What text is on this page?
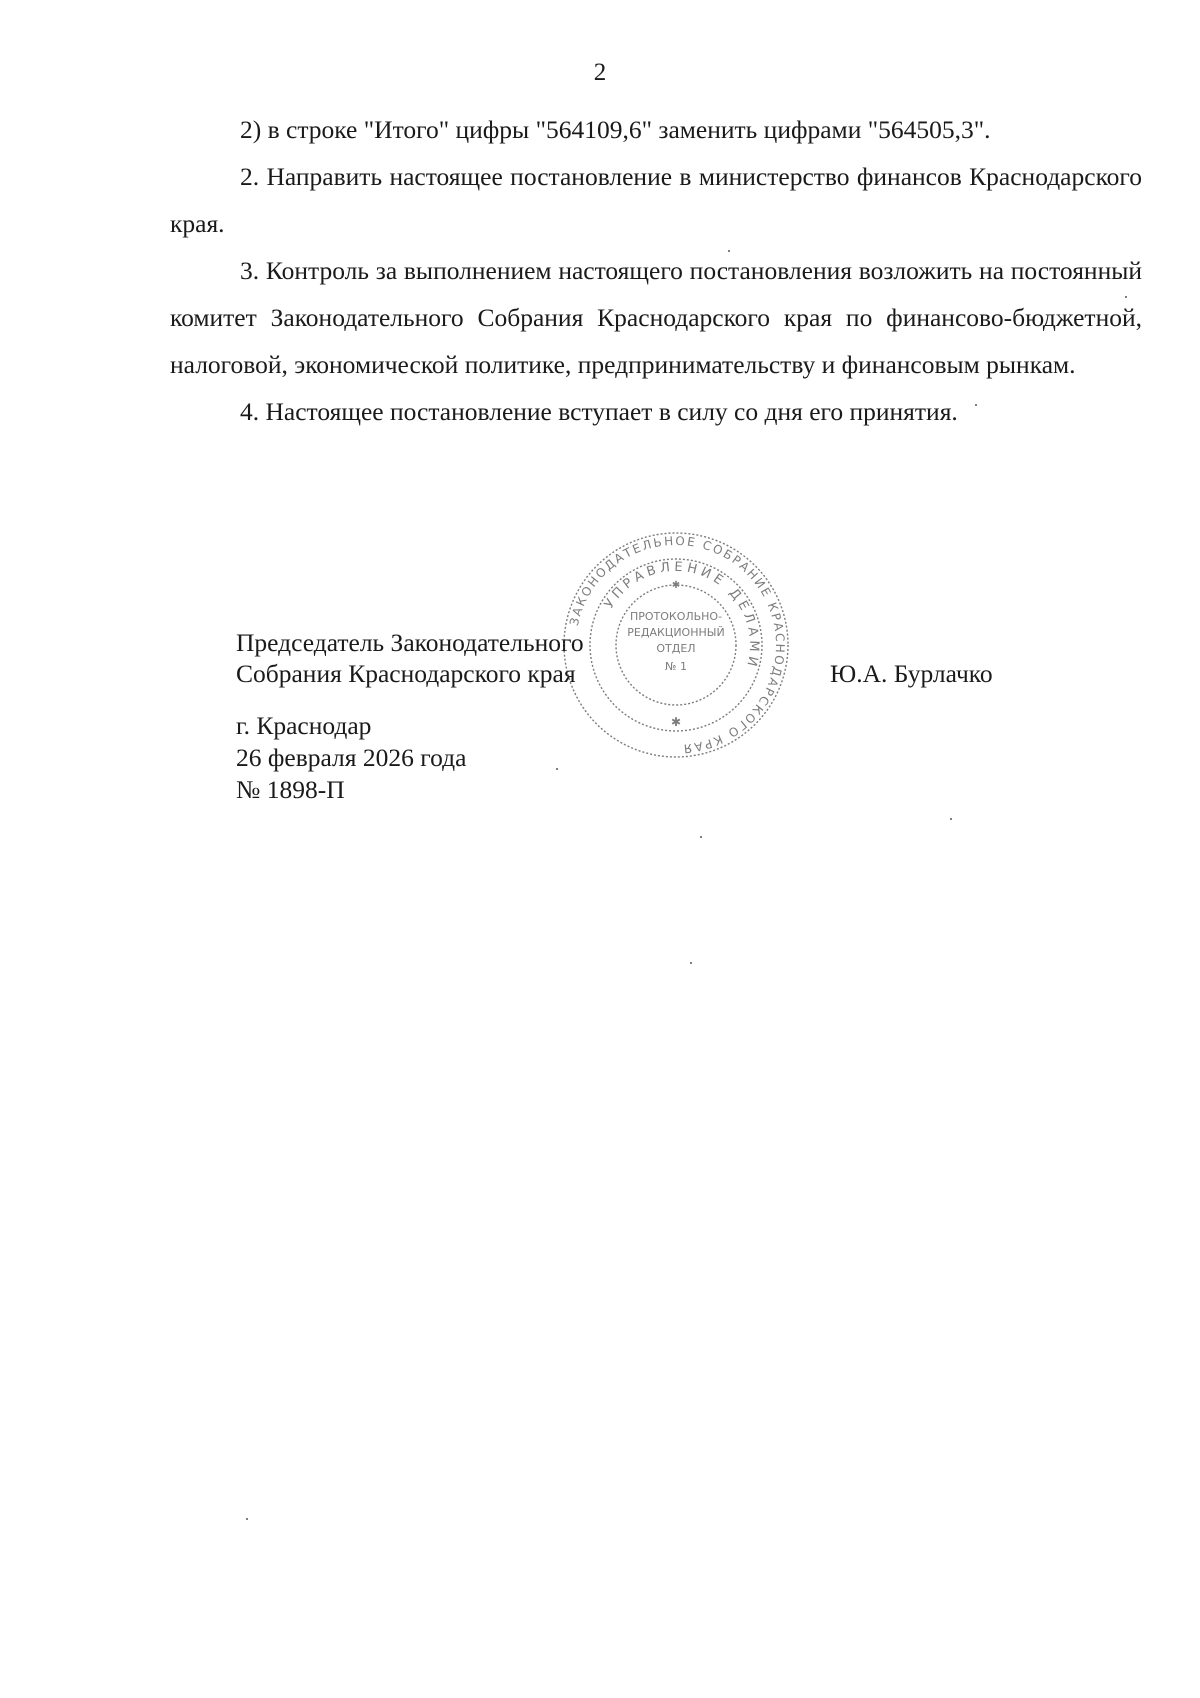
2

2) в строке "Итого" цифры "564109,6" заменить цифрами "564505,3".

2. Направить настоящее постановление в министерство финансов Краснодарского края.

3. Контроль за выполнением настоящего постановления возложить на постоянный комитет Законодательного Собрания Краснодарского края по финансово-бюджетной, налоговой, экономической политике, предпринимательству и финансовым рынкам.

4. Настоящее постановление вступает в силу со дня его принятия.

Председатель Законодательного
Собрания Краснодарского края	Ю.А. Бурлачко
г. Краснодар
26 февраля 2026 года
№ 1898-П
ЗАКОНОДАТЕЛЬНОЕ СОБРАНИЕ КРАСНОДАРСКОГО КРАЯ
УПРАВЛЕНИЕ ДЕЛАМИ
ПРОТОКОЛЬНО-
РЕДАКЦИОННЫЙ
ОТДЕЛ
№ 1
✱
✱
